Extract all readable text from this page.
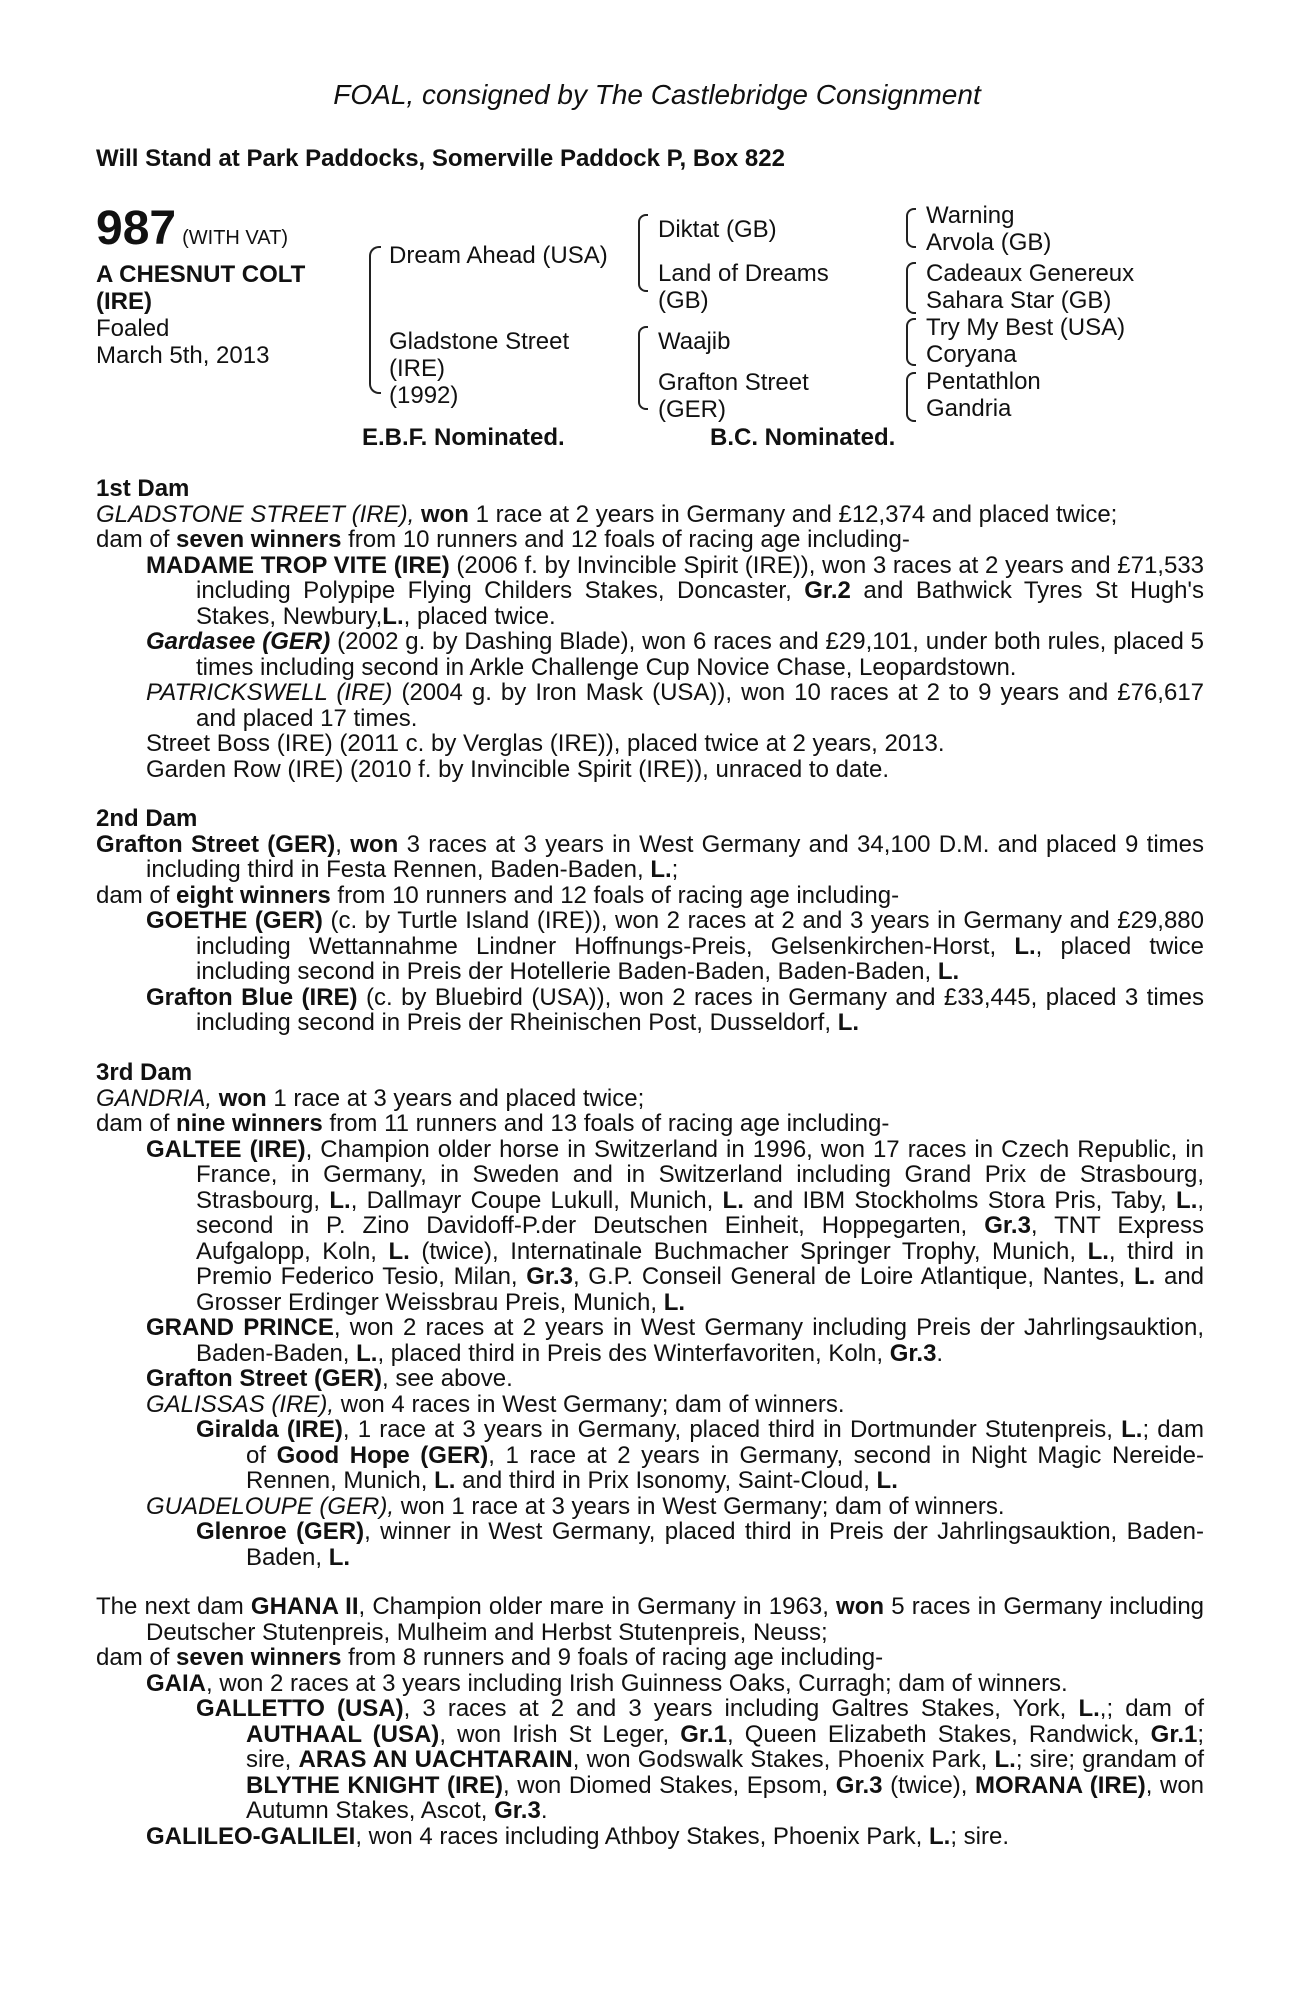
FOAL, consigned by The Castlebridge Consignment
Will Stand at Park Paddocks, Somerville Paddock P, Box 822
987 (WITH VAT)
A CHESNUT COLT
(IRE)
Foaled
March 5th, 2013
Dream Ahead (USA)
Gladstone Street
(IRE)
(1992)
Diktat (GB)
Land of Dreams
(GB)
Waajib
Grafton Street
(GER)
Warning
Arvola (GB)
Cadeaux Genereux
Sahara Star (GB)
Try My Best (USA)
Coryana
Pentathlon
Gandria
E.B.F. Nominated.	B.C. Nominated.

1st Dam

GLADSTONE STREET (IRE), won 1 race at 2 years in Germany and £12,374 and placed twice;

dam of seven winners from 10 runners and 12 foals of racing age including-

MADAME TROP VITE (IRE) (2006 f. by Invincible Spirit (IRE)), won 3 races at 2 years and £71,533 including Polypipe Flying Childers Stakes, Doncaster, Gr.2 and Bathwick Tyres St Hugh's Stakes, Newbury,L., placed twice.

Gardasee (GER) (2002 g. by Dashing Blade), won 6 races and £29,101, under both rules, placed 5 times including second in Arkle Challenge Cup Novice Chase, Leopardstown.

PATRICKSWELL (IRE) (2004 g. by Iron Mask (USA)), won 10 races at 2 to 9 years and £76,617 and placed 17 times.

Street Boss (IRE) (2011 c. by Verglas (IRE)), placed twice at 2 years, 2013.

Garden Row (IRE) (2010 f. by Invincible Spirit (IRE)), unraced to date.

2nd Dam

Grafton Street (GER), won 3 races at 3 years in West Germany and 34,100 D.M. and placed 9 times including third in Festa Rennen, Baden-Baden, L.;

dam of eight winners from 10 runners and 12 foals of racing age including-

GOETHE (GER) (c. by Turtle Island (IRE)), won 2 races at 2 and 3 years in Germany and £29,880 including Wettannahme Lindner Hoffnungs-Preis, Gelsenkirchen-Horst, L., placed twice including second in Preis der Hotellerie Baden-Baden, Baden-Baden, L.

Grafton Blue (IRE) (c. by Bluebird (USA)), won 2 races in Germany and £33,445, placed 3 times including second in Preis der Rheinischen Post, Dusseldorf, L.

3rd Dam

GANDRIA, won 1 race at 3 years and placed twice;

dam of nine winners from 11 runners and 13 foals of racing age including-

GALTEE (IRE), Champion older horse in Switzerland in 1996, won 17 races in Czech Republic, in France, in Germany, in Sweden and in Switzerland including Grand Prix de Strasbourg, Strasbourg, L., Dallmayr Coupe Lukull, Munich, L. and IBM Stockholms Stora Pris, Taby, L., second in P. Zino Davidoff-P.der Deutschen Einheit, Hoppegarten, Gr.3, TNT Express Aufgalopp, Koln, L. (twice), Internatinale Buchmacher Springer Trophy, Munich, L., third in Premio Federico Tesio, Milan, Gr.3, G.P. Conseil General de Loire Atlantique, Nantes, L. and Grosser Erdinger Weissbrau Preis, Munich, L.

GRAND PRINCE, won 2 races at 2 years in West Germany including Preis der Jahrlingsauktion, Baden-Baden, L., placed third in Preis des Winterfavoriten, Koln, Gr.3.

Grafton Street (GER), see above.

GALISSAS (IRE), won 4 races in West Germany; dam of winners.

Giralda (IRE), 1 race at 3 years in Germany, placed third in Dortmunder Stutenpreis, L.; dam of Good Hope (GER), 1 race at 2 years in Germany, second in Night Magic Nereide-Rennen, Munich, L. and third in Prix Isonomy, Saint-Cloud, L.

GUADELOUPE (GER), won 1 race at 3 years in West Germany; dam of winners.

Glenroe (GER), winner in West Germany, placed third in Preis der Jahrlingsauktion, Baden-Baden, L.

The next dam GHANA II, Champion older mare in Germany in 1963, won 5 races in Germany including Deutscher Stutenpreis, Mulheim and Herbst Stutenpreis, Neuss;

dam of seven winners from 8 runners and 9 foals of racing age including-

GAIA, won 2 races at 3 years including Irish Guinness Oaks, Curragh; dam of winners.

GALLETTO (USA), 3 races at 2 and 3 years including Galtres Stakes, York, L.,; dam of AUTHAAL (USA), won Irish St Leger, Gr.1, Queen Elizabeth Stakes, Randwick, Gr.1; sire, ARAS AN UACHTARAIN, won Godswalk Stakes, Phoenix Park, L.; sire; grandam of BLYTHE KNIGHT (IRE), won Diomed Stakes, Epsom, Gr.3 (twice), MORANA (IRE), won Autumn Stakes, Ascot, Gr.3.

GALILEO-GALILEI, won 4 races including Athboy Stakes, Phoenix Park, L.; sire.
